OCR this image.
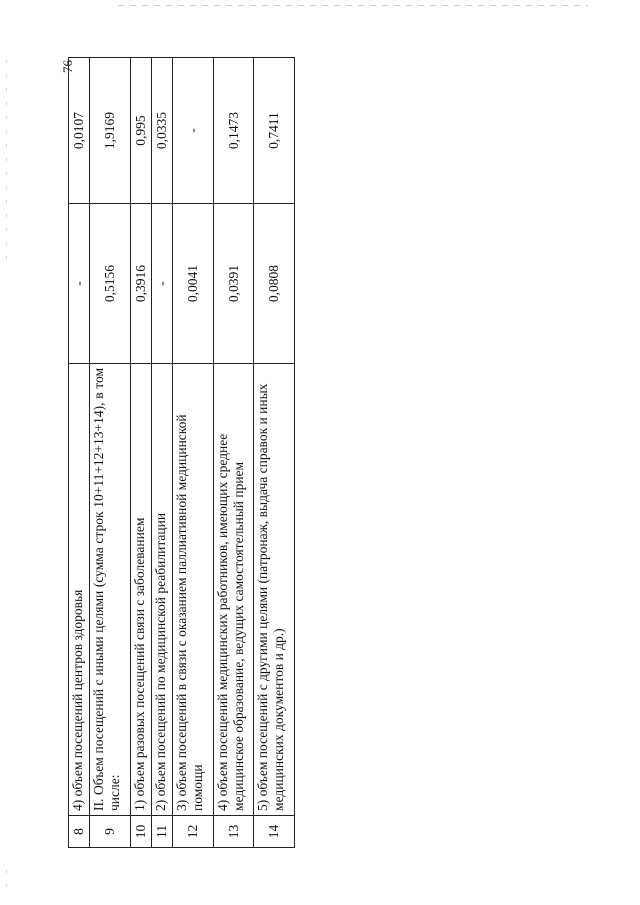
76
8	4) объем посещений центров здоровья	-	0,0107
9	II. Объем посещений с иными целями (сумма строк 10+11+12+13+14), в том числе:	0,5156	1,9169
10	1) объем разовых посещений связи с заболеванием	0,3916	0,995
11	2) объем посещений по медицинской реабилитации	-	0,0335
12	3) объем посещений в связи с оказанием паллиативной медицинской помощи	0,0041	-
13	4) объем посещений медицинских работников, имеющих среднее медицинское образование, ведущих самостоятельный прием	0,0391	0,1473
14	5) объем посещений с другими целями (патронаж, выдача справок и иных медицинских документов и др.)	0,0808	0,7411
